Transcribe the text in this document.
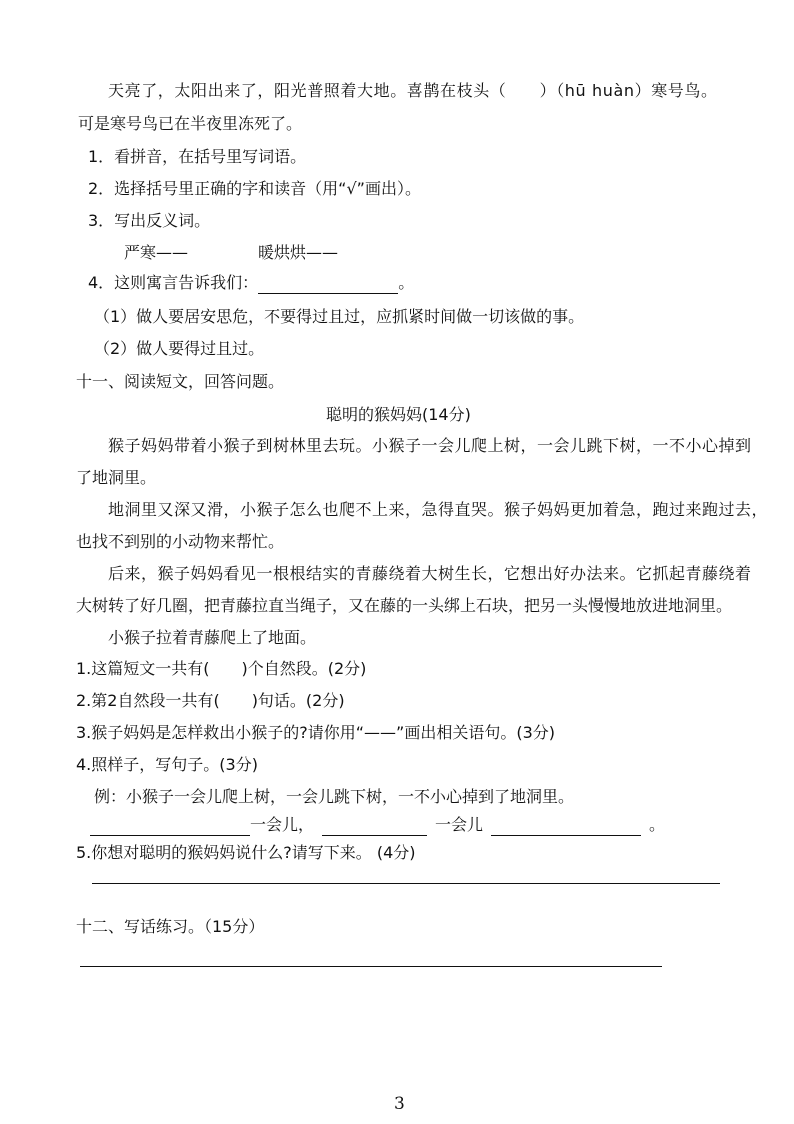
天亮了，太阳出来了，阳光普照着大地。喜鹊在枝头（　　）（hū huàn）寒号鸟。
可是寒号鸟已在半夜里冻死了。
1．看拼音，在括号里写词语。
2．选择括号里正确的字和读音（用“√”画出）。
3．写出反义词。
严寒——	暖烘烘——
4．这则寓言告诉我们：	。
（1）做人要居安思危，不要得过且过，应抓紧时间做一切该做的事。
（2）做人要得过且过。
十一、阅读短文，回答问题。
聪明的猴妈妈(14分)
猴子妈妈带着小猴子到树林里去玩。小猴子一会儿爬上树，一会儿跳下树，一不小心掉到
了地洞里。
地洞里又深又滑，小猴子怎么也爬不上来，急得直哭。猴子妈妈更加着急，跑过来跑过去，
也找不到别的小动物来帮忙。
后来，猴子妈妈看见一根根结实的青藤绕着大树生长，它想出好办法来。它抓起青藤绕着
大树转了好几圈，把青藤拉直当绳子，又在藤的一头绑上石块，把另一头慢慢地放进地洞里。
小猴子拉着青藤爬上了地面。
1.这篇短文一共有(　　)个自然段。(2分)
2.第2自然段一共有(　　)句话。(2分)
3.猴子妈妈是怎样救出小猴子的?请你用“——”画出相关语句。(3分)
4.照样子，写句子。(3分)
例：小猴子一会儿爬上树，一会儿跳下树，一不小心掉到了地洞里。
一会儿，	一会儿	。
5.你想对聪明的猴妈妈说什么?请写下来。 (4分)
十二、写话练习。（15分）
3
